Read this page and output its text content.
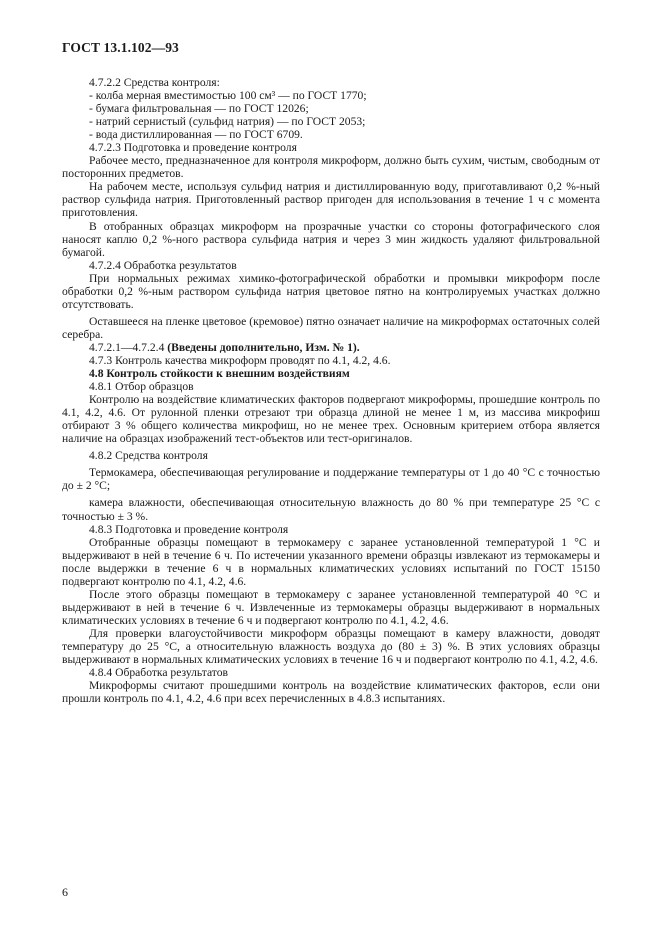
ГОСТ 13.1.102—93

4.7.2.2 Средства контроля:

- колба мерная вместимостью 100 см³ — по ГОСТ 1770;

- бумага фильтровальная — по ГОСТ 12026;

- натрий сернистый (сульфид натрия) — по ГОСТ 2053;

- вода дистиллированная — по ГОСТ 6709.

4.7.2.3 Подготовка и проведение контроля

Рабочее место, предназначенное для контроля микроформ, должно быть сухим, чистым, свободным от посторонних предметов.

На рабочем месте, используя сульфид натрия и дистиллированную воду, приготавливают 0,2 %-ный раствор сульфида натрия. Приготовленный раствор пригоден для использования в течение 1 ч с момента приготовления.

В отобранных образцах микроформ на прозрачные участки со стороны фотографического слоя наносят каплю 0,2 %-ного раствора сульфида натрия и через 3 мин жидкость удаляют фильтровальной бумагой.

4.7.2.4 Обработка результатов

При нормальных режимах химико-фотографической обработки и промывки микроформ после обработки 0,2 %-ным раствором сульфида натрия цветовое пятно на контролируемых участках должно отсутствовать.

Оставшееся на пленке цветовое (кремовое) пятно означает наличие на микроформах остаточных солей серебра.

4.7.2.1—4.7.2.4 (Введены дополнительно, Изм. № 1).

4.7.3 Контроль качества микроформ проводят по 4.1, 4.2, 4.6.

4.8 Контроль стойкости к внешним воздействиям

4.8.1 Отбор образцов

Контролю на воздействие климатических факторов подвергают микроформы, прошедшие контроль по 4.1, 4.2, 4.6. От рулонной пленки отрезают три образца длиной не менее 1 м, из массива микрофиш отбирают 3 % общего количества микрофиш, но не менее трех. Основным критерием отбора является наличие на образцах изображений тест-объектов или тест-оригиналов.

4.8.2 Средства контроля

Термокамера, обеспечивающая регулирование и поддержание температуры от 1 до 40 °С с точностью до ± 2 °С;

камера влажности, обеспечивающая относительную влажность до 80 % при температуре 25 °С с точностью ± 3 %.

4.8.3 Подготовка и проведение контроля

Отобранные образцы помещают в термокамеру с заранее установленной температурой 1 °С и выдерживают в ней в течение 6 ч. По истечении указанного времени образцы извлекают из термокамеры и после выдержки в течение 6 ч в нормальных климатических условиях испытаний по ГОСТ 15150 подвергают контролю по 4.1, 4.2, 4.6.

После этого образцы помещают в термокамеру с заранее установленной температурой 40 °С и выдерживают в ней в течение 6 ч. Извлеченные из термокамеры образцы выдерживают в нормальных климатических условиях в течение 6 ч и подвергают контролю по 4.1, 4.2, 4.6.

Для проверки влагоустойчивости микроформ образцы помещают в камеру влажности, доводят температуру до 25 °С, а относительную влажность воздуха до (80 ± 3) %. В этих условиях образцы выдерживают в нормальных климатических условиях в течение 16 ч и подвергают контролю по 4.1, 4.2, 4.6.

4.8.4 Обработка результатов

Микроформы считают прошедшими контроль на воздействие климатических факторов, если они прошли контроль по 4.1, 4.2, 4.6 при всех перечисленных в 4.8.3 испытаниях.

6
